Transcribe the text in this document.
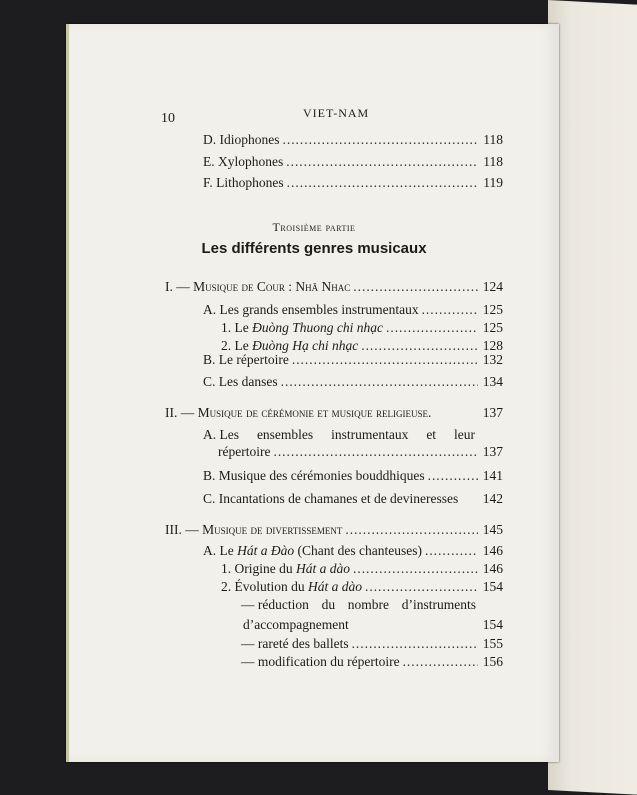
10	VIET-NAM
D. Idiophones . . .	118
E. Xylophones . . .	118
F. Lithophones . . .	119
Troisième partie
Les différents genres musicaux
I. — Musique de Cour : Nhã Nhac . . .	124
A. Les grands ensembles instrumentaux . . .	125
1. Le Đuòng Thuong chi nhạc . . .	125
2. Le Đuòng Hạ chi nhạc . . .	128
B. Le répertoire . . .	132
C. Les danses . . .	134
II. — Musique de cérémonie et musique religieuse.	137
A. Les ensembles instrumentaux et leur
répertoire . . .	137
B. Musique des cérémonies bouddhiques . . .	141
C. Incantations de chamanes et de devineresses 142
III. — Musique de divertissement . . .	145
A. Le Hát a Đào (Chant des chanteuses) . . .	146
1. Origine du Hát a dào . . .	146
2. Évolution du Hát a dào . . .	154
— réduction du nombre d’instruments
d’accompagnement	154
— rareté des ballets . . .	155
— modification du répertoire . . .	156
